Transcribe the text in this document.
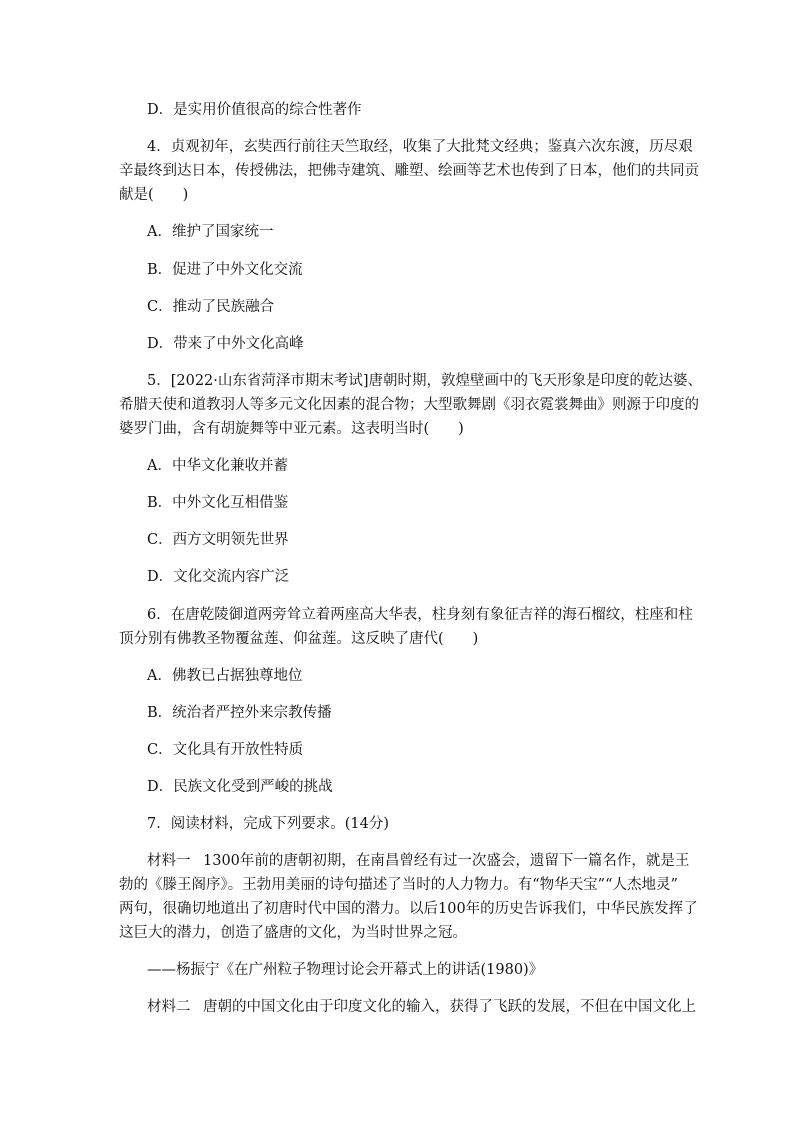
D．是实用价值很高的综合性著作
4．贞观初年，玄奘西行前往天竺取经，收集了大批梵文经典；鉴真六次东渡，历尽艰
辛最终到达日本，传授佛法，把佛寺建筑、雕塑、绘画等艺术也传到了日本，他们的共同贡
献是(　　)
A．维护了国家统一
B．促进了中外文化交流
C．推动了民族融合
D．带来了中外文化高峰
5．[2022·山东省菏泽市期末考试]唐朝时期，敦煌壁画中的飞天形象是印度的乾达婆、
希腊天使和道教羽人等多元文化因素的混合物；大型歌舞剧《羽衣霓裳舞曲》则源于印度的
婆罗门曲，含有胡旋舞等中亚元素。这表明当时(　　)
A．中华文化兼收并蓄
B．中外文化互相借鉴
C．西方文明领先世界
D．文化交流内容广泛
6．在唐乾陵御道两旁耸立着两座高大华表，柱身刻有象征吉祥的海石榴纹，柱座和柱
顶分别有佛教圣物覆盆莲、仰盆莲。这反映了唐代(　　)
A．佛教已占据独尊地位
B．统治者严控外来宗教传播
C．文化具有开放性特质
D．民族文化受到严峻的挑战
7．阅读材料，完成下列要求。(14分)
材料一 1300年前的唐朝初期，在南昌曾经有过一次盛会，遗留下一篇名作，就是王
勃的《滕王阁序》。王勃用美丽的诗句描述了当时的人力物力。有“物华天宝”“人杰地灵”
两句，很确切地道出了初唐时代中国的潜力。以后100年的历史告诉我们，中华民族发挥了
这巨大的潜力，创造了盛唐的文化，为当时世界之冠。
——杨振宁《在广州粒子物理讨论会开幕式上的讲话(1980)》
材料二 唐朝的中国文化由于印度文化的输入，获得了飞跃的发展，不但在中国文化上
